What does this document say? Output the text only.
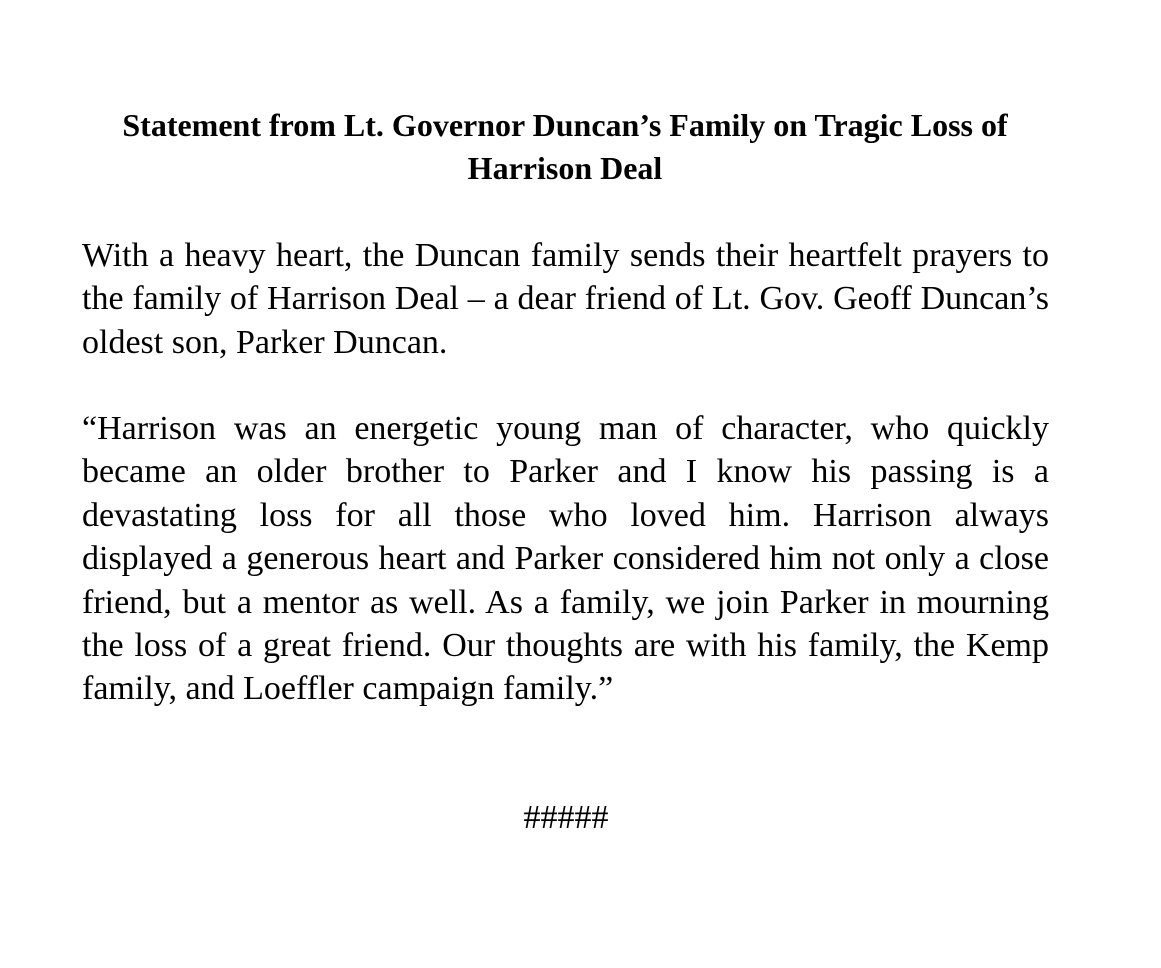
Statement from Lt. Governor Duncan’s Family on Tragic Loss of Harrison Deal

With a heavy heart, the Duncan family sends their heartfelt prayers to the family of Harrison Deal – a dear friend of Lt. Gov. Geoff Duncan’s oldest son, Parker Duncan.

“Harrison was an energetic young man of character, who quickly became an older brother to Parker and I know his passing is a devastating loss for all those who loved him. Harrison always displayed a generous heart and Parker considered him not only a close friend, but a mentor as well. As a family, we join Parker in mourning the loss of a great friend. Our thoughts are with his family, the Kemp family, and Loeffler campaign family.”

#####
